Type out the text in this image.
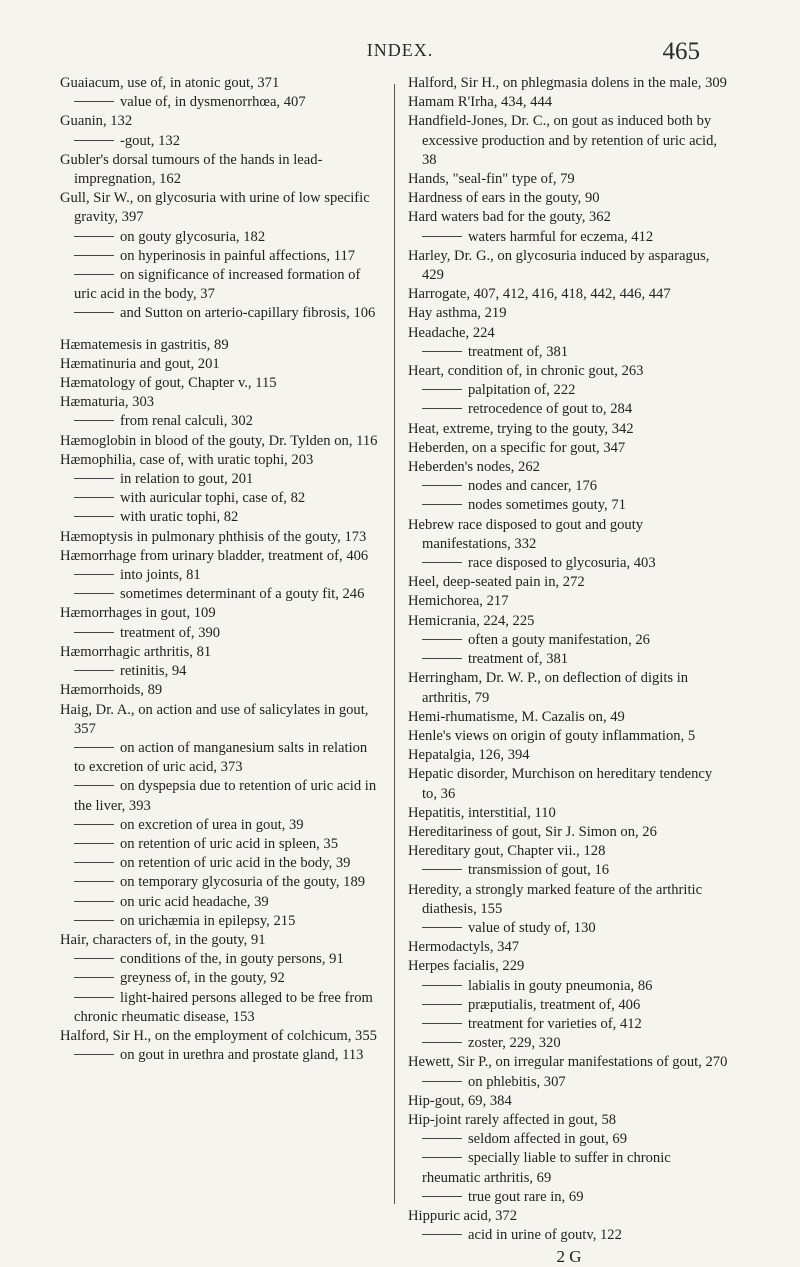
INDEX.	465

Guaiacum, use of, in atonic gout, 371

value of, in dysmenorrhœa, 407

Guanin, 132

-gout, 132

Gubler's dorsal tumours of the hands in lead-impregnation, 162

Gull, Sir W., on glycosuria with urine of low specific gravity, 397

on gouty glycosuria, 182

on hyperinosis in painful affections, 117

on significance of increased formation of uric acid in the body, 37

and Sutton on arterio-capillary fibrosis, 106

Hæmatemesis in gastritis, 89

Hæmatinuria and gout, 201

Hæmatology of gout, Chapter v., 115

Hæmaturia, 303

from renal calculi, 302

Hæmoglobin in blood of the gouty, Dr. Tylden on, 116

Hæmophilia, case of, with uratic tophi, 203

in relation to gout, 201

with auricular tophi, case of, 82

with uratic tophi, 82

Hæmoptysis in pulmonary phthisis of the gouty, 173

Hæmorrhage from urinary bladder, treatment of, 406

into joints, 81

sometimes determinant of a gouty fit, 246

Hæmorrhages in gout, 109

treatment of, 390

Hæmorrhagic arthritis, 81

retinitis, 94

Hæmorrhoids, 89

Haig, Dr. A., on action and use of salicylates in gout, 357

on action of manganesium salts in relation to excretion of uric acid, 373

on dyspepsia due to retention of uric acid in the liver, 393

on excretion of urea in gout, 39

on retention of uric acid in spleen, 35

on retention of uric acid in the body, 39

on temporary glycosuria of the gouty, 189

on uric acid headache, 39

on urichæmia in epilepsy, 215

Hair, characters of, in the gouty, 91

conditions of the, in gouty persons, 91

greyness of, in the gouty, 92

light-haired persons alleged to be free from chronic rheumatic disease, 153

Halford, Sir H., on the employment of colchicum, 355

on gout in urethra and prostate gland, 113

Halford, Sir H., on phlegmasia dolens in the male, 309

Hamam R'Irha, 434, 444

Handfield-Jones, Dr. C., on gout as induced both by excessive production and by retention of uric acid, 38

Hands, "seal-fin" type of, 79

Hardness of ears in the gouty, 90

Hard waters bad for the gouty, 362

waters harmful for eczema, 412

Harley, Dr. G., on glycosuria induced by asparagus, 429

Harrogate, 407, 412, 416, 418, 442, 446, 447

Hay asthma, 219

Headache, 224

treatment of, 381

Heart, condition of, in chronic gout, 263

palpitation of, 222

retrocedence of gout to, 284

Heat, extreme, trying to the gouty, 342

Heberden, on a specific for gout, 347

Heberden's nodes, 262

nodes and cancer, 176

nodes sometimes gouty, 71

Hebrew race disposed to gout and gouty manifestations, 332

race disposed to glycosuria, 403

Heel, deep-seated pain in, 272

Hemichorea, 217

Hemicrania, 224, 225

often a gouty manifestation, 26

treatment of, 381

Herringham, Dr. W. P., on deflection of digits in arthritis, 79

Hemi-rhumatisme, M. Cazalis on, 49

Henle's views on origin of gouty inflammation, 5

Hepatalgia, 126, 394

Hepatic disorder, Murchison on hereditary tendency to, 36

Hepatitis, interstitial, 110

Hereditariness of gout, Sir J. Simon on, 26

Hereditary gout, Chapter vii., 128

transmission of gout, 16

Heredity, a strongly marked feature of the arthritic diathesis, 155

value of study of, 130

Hermodactyls, 347

Herpes facialis, 229

labialis in gouty pneumonia, 86

præputialis, treatment of, 406

treatment for varieties of, 412

zoster, 229, 320

Hewett, Sir P., on irregular manifestations of gout, 270

on phlebitis, 307

Hip-gout, 69, 384

Hip-joint rarely affected in gout, 58

seldom affected in gout, 69

specially liable to suffer in chronic rheumatic arthritis, 69

true gout rare in, 69

Hippuric acid, 372

acid in urine of goutv, 122

2 G
